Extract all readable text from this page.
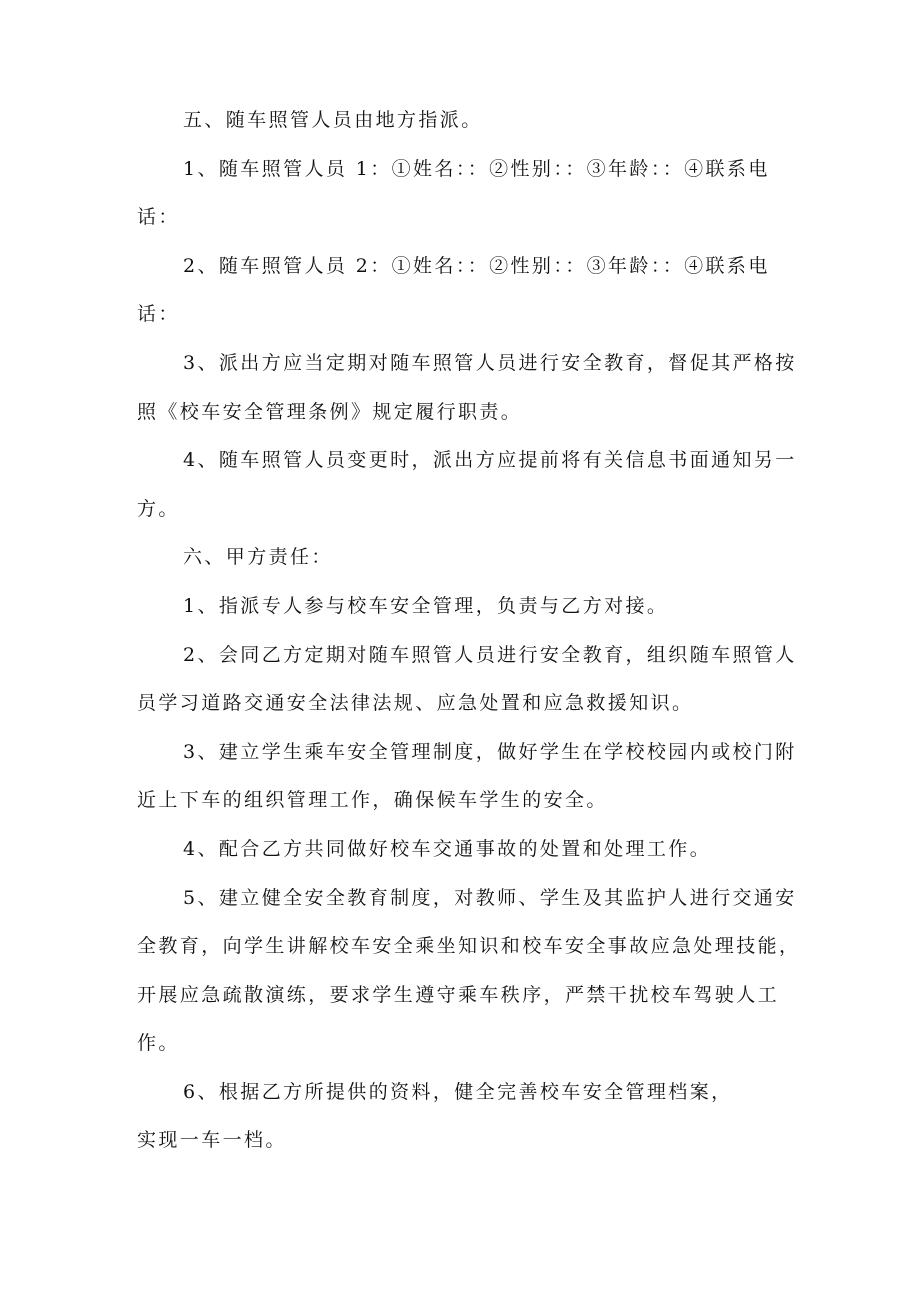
五、随车照管人员由地方指派。
1、随车照管人员 1：①姓名：：②性别：：③年龄：：④联系电
话：
2、随车照管人员 2：①姓名：：②性别：：③年龄：：④联系电
话：
3、派出方应当定期对随车照管人员进行安全教育，督促其严格按
照《校车安全管理条例》规定履行职责。
4、随车照管人员变更时，派出方应提前将有关信息书面通知另一
方。
六、甲方责任：
1、指派专人参与校车安全管理，负责与乙方对接。
2、会同乙方定期对随车照管人员进行安全教育，组织随车照管人
员学习道路交通安全法律法规、应急处置和应急救援知识。
3、建立学生乘车安全管理制度，做好学生在学校校园内或校门附
近上下车的组织管理工作，确保候车学生的安全。
4、配合乙方共同做好校车交通事故的处置和处理工作。
5、建立健全安全教育制度，对教师、学生及其监护人进行交通安
全教育，向学生讲解校车安全乘坐知识和校车安全事故应急处理技能，
开展应急疏散演练，要求学生遵守乘车秩序，严禁干扰校车驾驶人工
作。
6、根据乙方所提供的资料，健全完善校车安全管理档案，
实现一车一档。
